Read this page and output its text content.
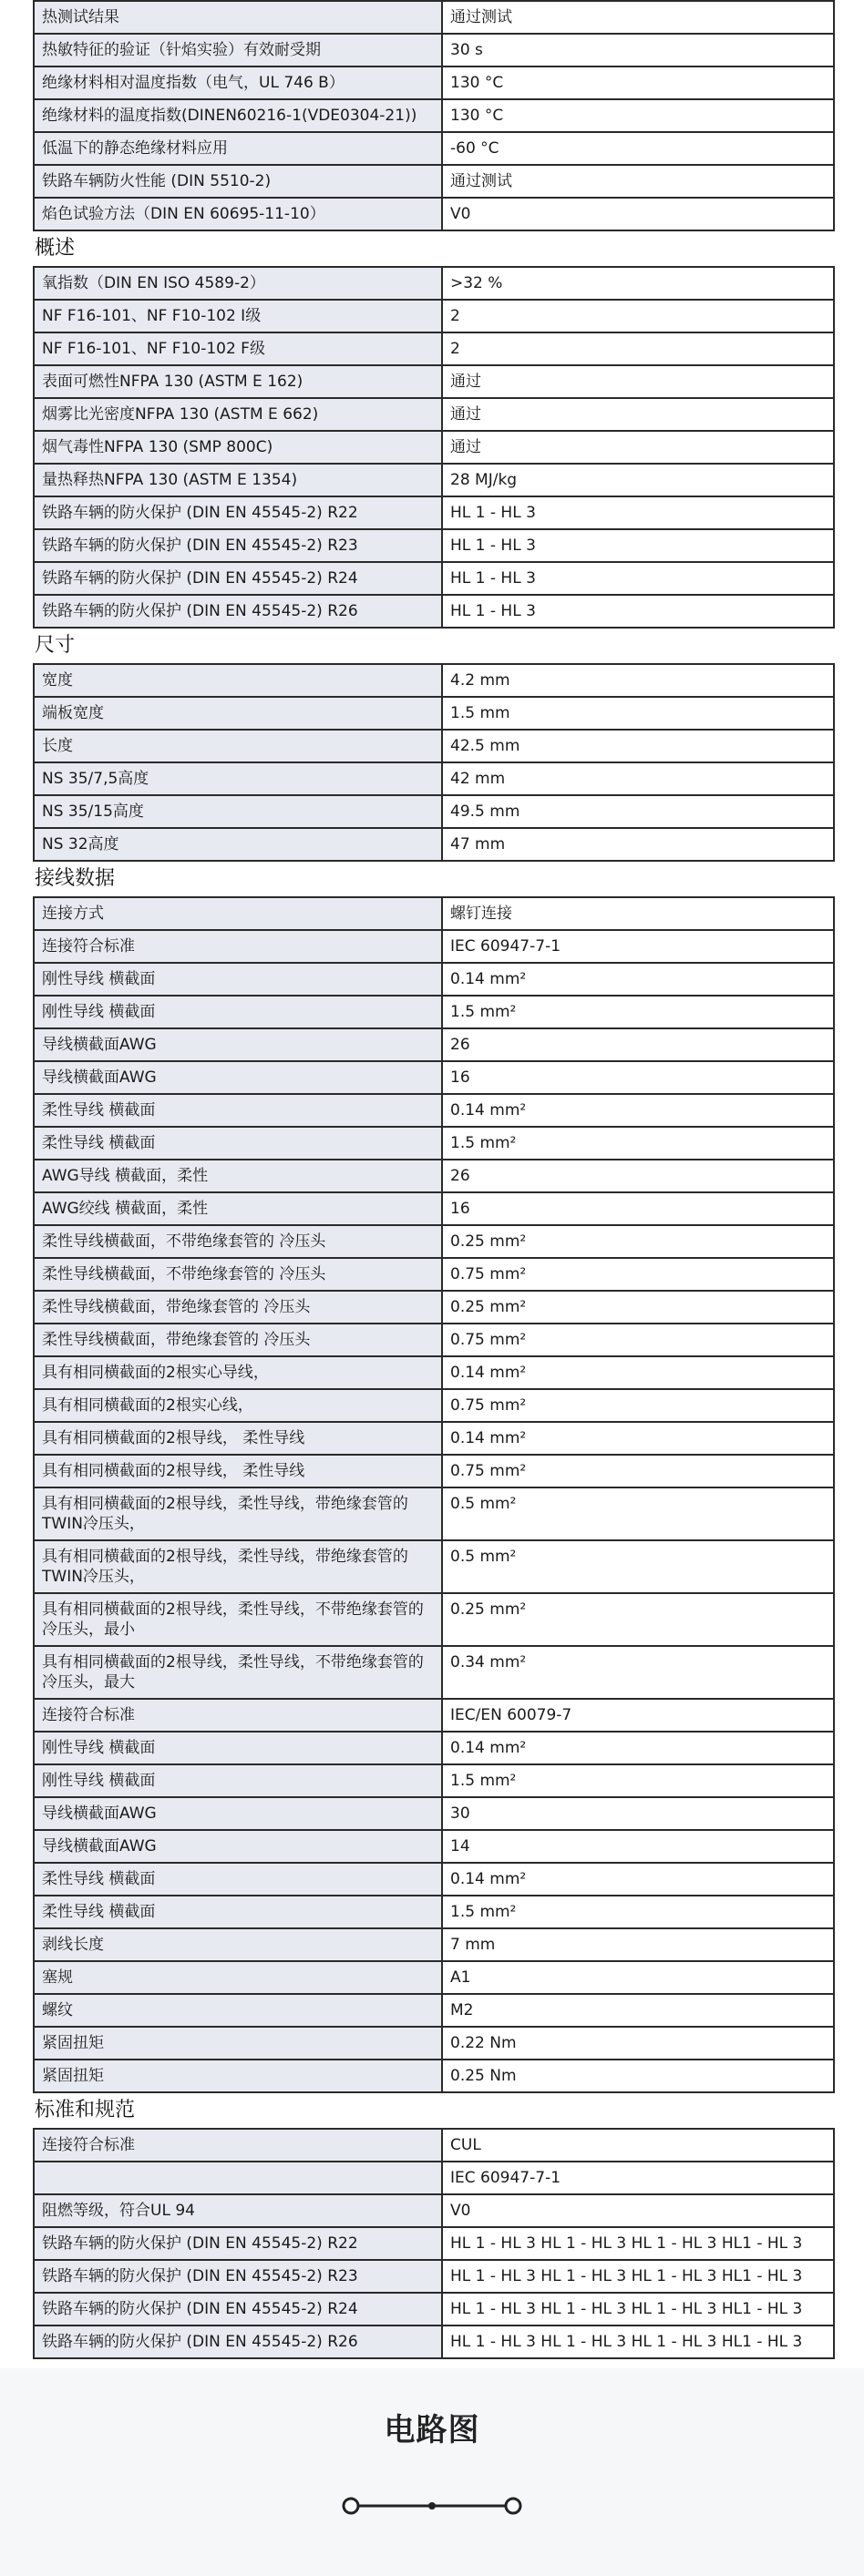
热测试结果	通过测试
热敏特征的验证（针焰实验）有效耐受期	30 s
绝缘材料相对温度指数（电气，UL 746 B）	130 °C
绝缘材料的温度指数(DINEN60216-1(VDE0304-21))	130 °C
低温下的静态绝缘材料应用	-60 °C
铁路车辆防火性能 (DIN 5510-2)	通过测试
焰色试验方法（DIN EN 60695-11-10）	V0
概述
氧指数（DIN EN ISO 4589-2）	>32 %
NF F16-101、NF F10-102 I级	2
NF F16-101、NF F10-102 F级	2
表面可燃性NFPA 130 (ASTM E 162)	通过
烟雾比光密度NFPA 130 (ASTM E 662)	通过
烟气毒性NFPA 130 (SMP 800C)	通过
量热释热NFPA 130 (ASTM E 1354)	28 MJ/kg
铁路车辆的防火保护 (DIN EN 45545-2) R22	HL 1 - HL 3
铁路车辆的防火保护 (DIN EN 45545-2) R23	HL 1 - HL 3
铁路车辆的防火保护 (DIN EN 45545-2) R24	HL 1 - HL 3
铁路车辆的防火保护 (DIN EN 45545-2) R26	HL 1 - HL 3
尺寸
宽度	4.2 mm
端板宽度	1.5 mm
长度	42.5 mm
NS 35/7,5高度	42 mm
NS 35/15高度	49.5 mm
NS 32高度	47 mm
接线数据
连接方式	螺钉连接
连接符合标准	IEC 60947-7-1
刚性导线 横截面	0.14 mm²
刚性导线 横截面	1.5 mm²
导线横截面AWG	26
导线横截面AWG	16
柔性导线 横截面	0.14 mm²
柔性导线 横截面	1.5 mm²
AWG导线 横截面，柔性	26
AWG绞线 横截面，柔性	16
柔性导线横截面，不带绝缘套管的 冷压头	0.25 mm²
柔性导线横截面，不带绝缘套管的 冷压头	0.75 mm²
柔性导线横截面，带绝缘套管的 冷压头	0.25 mm²
柔性导线横截面，带绝缘套管的 冷压头	0.75 mm²
具有相同横截面的2根实心导线，	0.14 mm²
具有相同横截面的2根实心线，	0.75 mm²
具有相同横截面的2根导线， 柔性导线	0.14 mm²
具有相同横截面的2根导线， 柔性导线	0.75 mm²
具有相同横截面的2根导线，柔性导线，带绝缘套管的TWIN冷压头，	0.5 mm²
具有相同横截面的2根导线，柔性导线，带绝缘套管的TWIN冷压头，	0.5 mm²
具有相同横截面的2根导线，柔性导线，不带绝缘套管的冷压头，最小	0.25 mm²
具有相同横截面的2根导线，柔性导线，不带绝缘套管的冷压头，最大	0.34 mm²
连接符合标准	IEC/EN 60079-7
刚性导线 横截面	0.14 mm²
刚性导线 横截面	1.5 mm²
导线横截面AWG	30
导线横截面AWG	14
柔性导线 横截面	0.14 mm²
柔性导线 横截面	1.5 mm²
剥线长度	7 mm
塞规	A1
螺纹	M2
紧固扭矩	0.22 Nm
紧固扭矩	0.25 Nm
标准和规范
连接符合标准	CUL
	IEC 60947-7-1
阻燃等级，符合UL 94	V0
铁路车辆的防火保护 (DIN EN 45545-2) R22	HL 1 - HL 3 HL 1 - HL 3 HL 1 - HL 3 HL1 - HL 3
铁路车辆的防火保护 (DIN EN 45545-2) R23	HL 1 - HL 3 HL 1 - HL 3 HL 1 - HL 3 HL1 - HL 3
铁路车辆的防火保护 (DIN EN 45545-2) R24	HL 1 - HL 3 HL 1 - HL 3 HL 1 - HL 3 HL1 - HL 3
铁路车辆的防火保护 (DIN EN 45545-2) R26	HL 1 - HL 3 HL 1 - HL 3 HL 1 - HL 3 HL1 - HL 3
电路图
